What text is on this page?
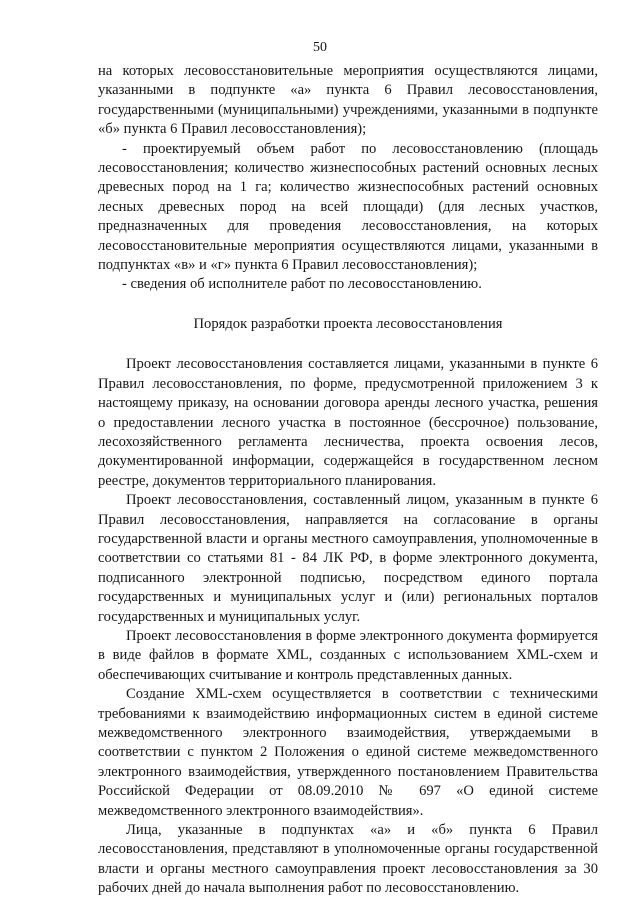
50

на которых лесовосстановительные мероприятия осуществляются лицами, указанными в подпункте «а» пункта 6 Правил лесовосстановления, государственными (муниципальными) учреждениями, указанными в подпункте «б» пункта 6 Правил лесовосстановления);

- проектируемый объем работ по лесовосстановлению (площадь лесовосстановления; количество жизнеспособных растений основных лесных древесных пород на 1 га; количество жизнеспособных растений основных лесных древесных пород на всей площади) (для лесных участков, предназначенных для проведения лесовосстановления, на которых лесовосстановительные мероприятия осуществляются лицами, указанными в подпунктах «в» и «г» пункта 6 Правил лесовосстановления);

- сведения об исполнителе работ по лесовосстановлению.

Порядок разработки проекта лесовосстановления

Проект лесовосстановления составляется лицами, указанными в пункте 6 Правил лесовосстановления, по форме, предусмотренной приложением 3 к настоящему приказу, на основании договора аренды лесного участка, решения о предоставлении лесного участка в постоянное (бессрочное) пользование, лесохозяйственного регламента лесничества, проекта освоения лесов, документированной информации, содержащейся в государственном лесном реестре, документов территориального планирования.

Проект лесовосстановления, составленный лицом, указанным в пункте 6 Правил лесовосстановления, направляется на согласование в органы государственной власти и органы местного самоуправления, уполномоченные в соответствии со статьями 81 - 84 ЛК РФ, в форме электронного документа, подписанного электронной подписью, посредством единого портала государственных и муниципальных услуг и (или) региональных порталов государственных и муниципальных услуг.

Проект лесовосстановления в форме электронного документа формируется в виде файлов в формате XML, созданных с использованием XML-схем и обеспечивающих считывание и контроль представленных данных.

Создание XML-схем осуществляется в соответствии с техническими требованиями к взаимодействию информационных систем в единой системе межведомственного электронного взаимодействия, утверждаемыми в соответствии с пунктом 2 Положения о единой системе межведомственного электронного взаимодействия, утвержденного постановлением Правительства Российской Федерации от 08.09.2010 № 697 «О единой системе межведомственного электронного взаимодействия».

Лица, указанные в подпунктах «а» и «б» пункта 6 Правил лесовосстановления, представляют в уполномоченные органы государственной власти и органы местного самоуправления проект лесовосстановления за 30 рабочих дней до начала выполнения работ по лесовосстановлению.
